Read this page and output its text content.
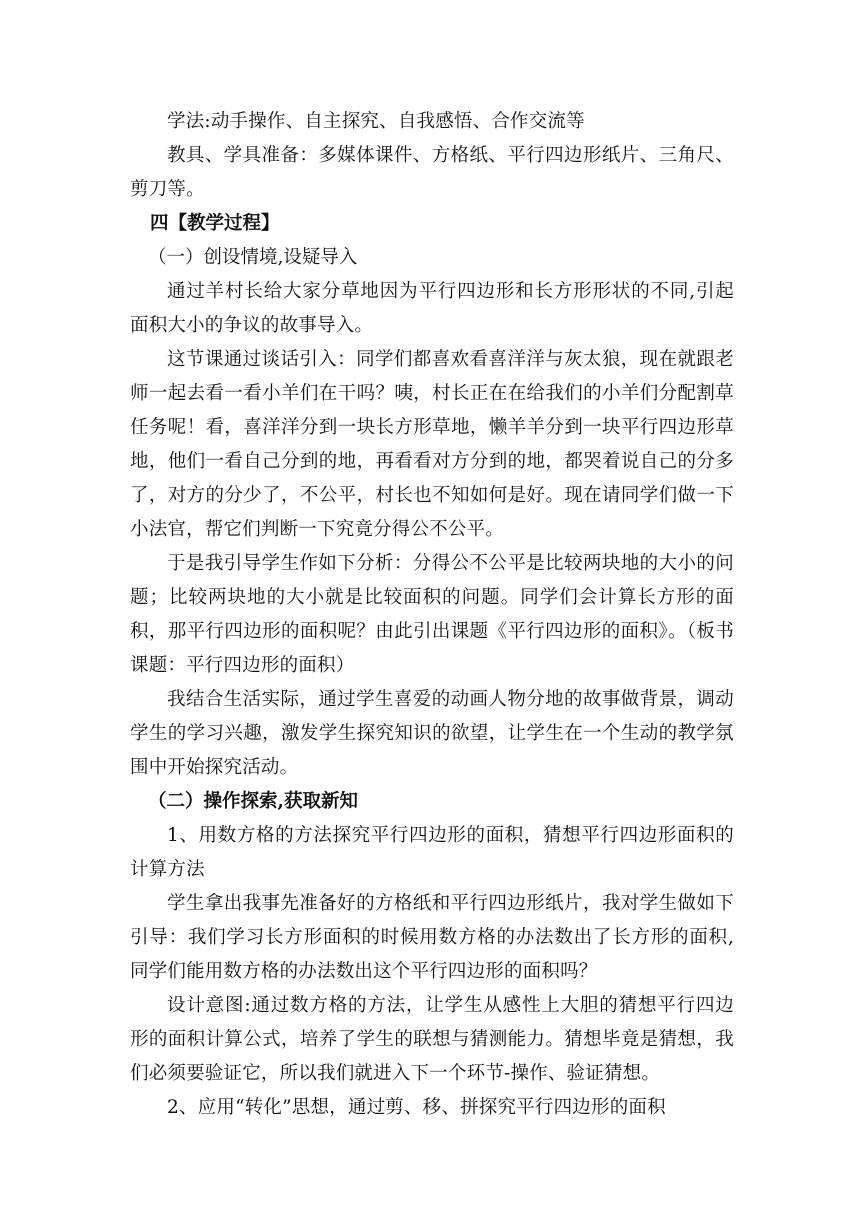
学法:动手操作、自主探究、自我感悟、合作交流等

教具、学具准备：多媒体课件、方格纸、平行四边形纸片、三角尺、剪刀等。

四【教学过程】

（一）创设情境,设疑导入

通过羊村长给大家分草地因为平行四边形和长方形形状的不同,引起面积大小的争议的故事导入。

这节课通过谈话引入：同学们都喜欢看喜洋洋与灰太狼，现在就跟老师一起去看一看小羊们在干吗？咦，村长正在在给我们的小羊们分配割草任务呢！看，喜洋洋分到一块长方形草地，懒羊羊分到一块平行四边形草地，他们一看自己分到的地，再看看对方分到的地，都哭着说自己的分多了，对方的分少了，不公平，村长也不知如何是好。现在请同学们做一下小法官，帮它们判断一下究竟分得公不公平。

于是我引导学生作如下分析：分得公不公平是比较两块地的大小的问题；比较两块地的大小就是比较面积的问题。同学们会计算长方形的面积，那平行四边形的面积呢？由此引出课题《平行四边形的面积》。（板书课题：平行四边形的面积）

我结合生活实际，通过学生喜爱的动画人物分地的故事做背景，调动学生的学习兴趣，激发学生探究知识的欲望，让学生在一个生动的教学氛围中开始探究活动。

（二）操作探索,获取新知

1、用数方格的方法探究平行四边形的面积，猜想平行四边形面积的计算方法

学生拿出我事先准备好的方格纸和平行四边形纸片，我对学生做如下引导：我们学习长方形面积的时候用数方格的办法数出了长方形的面积,同学们能用数方格的办法数出这个平行四边形的面积吗？

设计意图:通过数方格的方法，让学生从感性上大胆的猜想平行四边形的面积计算公式，培养了学生的联想与猜测能力。猜想毕竟是猜想，我们必须要验证它，所以我们就进入下一个环节-操作、验证猜想。

2、应用“转化”思想，通过剪、移、拼探究平行四边形的面积
